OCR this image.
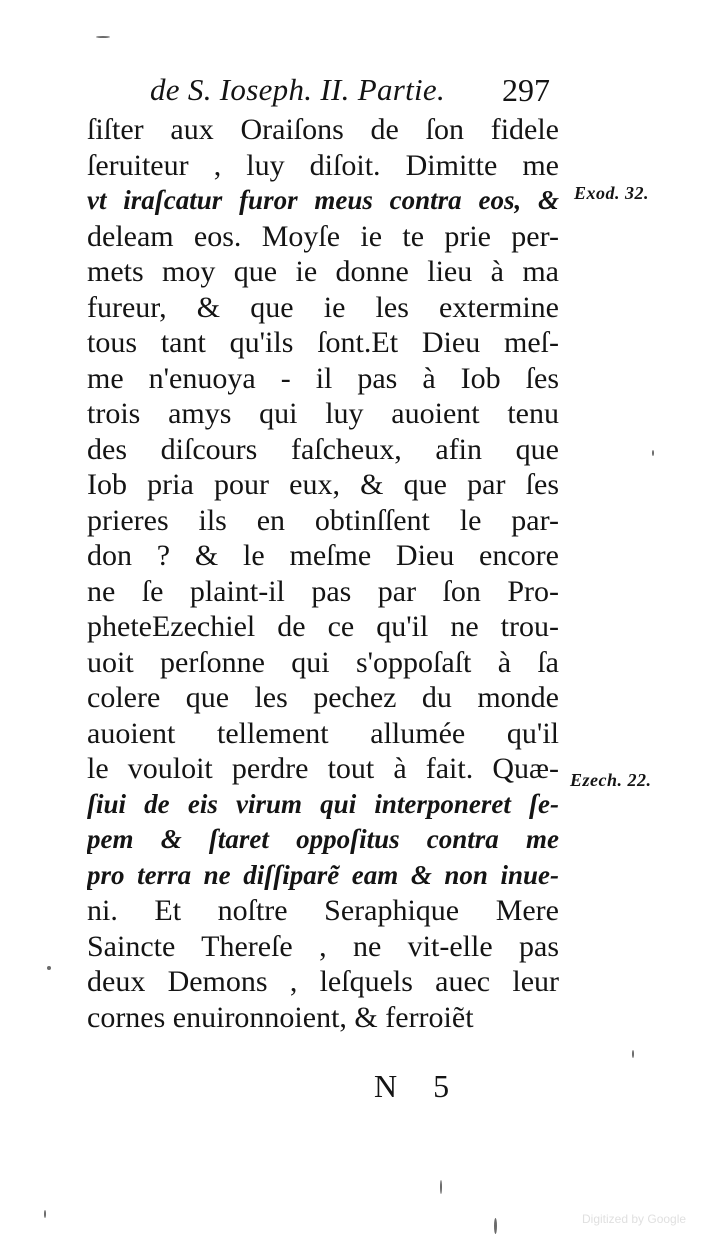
de S. Ioseph. II. Partie. 297
ſiſter aux Oraiſons de ſon fidele
ſeruiteur , luy diſoit. Dimitte me
vt iraſcatur furor meus contra eos, &
deleam eos. Moyſe ie te prie per-
mets moy que ie donne lieu à ma
fureur, & que ie les extermine
tous tant qu'ils ſont.Et Dieu meſ-
me n'enuoya - il pas à Iob ſes
trois amys qui luy auoient tenu
des diſcours faſcheux, afin que
Iob pria pour eux, & que par ſes
prieres ils en obtinſſent le par-
don ? & le meſme Dieu encore
ne ſe plaint-il pas par ſon Pro-
pheteEzechiel de ce qu'il ne trou-
uoit perſonne qui s'oppoſaſt à ſa
colere que les pechez du monde
auoient tellement allumée qu'il
le vouloit perdre tout à fait. Quæ-
ſiui de eis virum qui interponeret ſe-
pem & ſtaret oppoſitus contra me
pro terra ne diſſiparẽ eam & non inue-
ni. Et noſtre Seraphique Mere
Saincte Thereſe , ne vit-elle pas
deux Demons , leſquels auec leur
cornes enuironnoient, & ferroiẽt
Exod. 32.
Ezech. 22.
N 5
Digitized by Google
